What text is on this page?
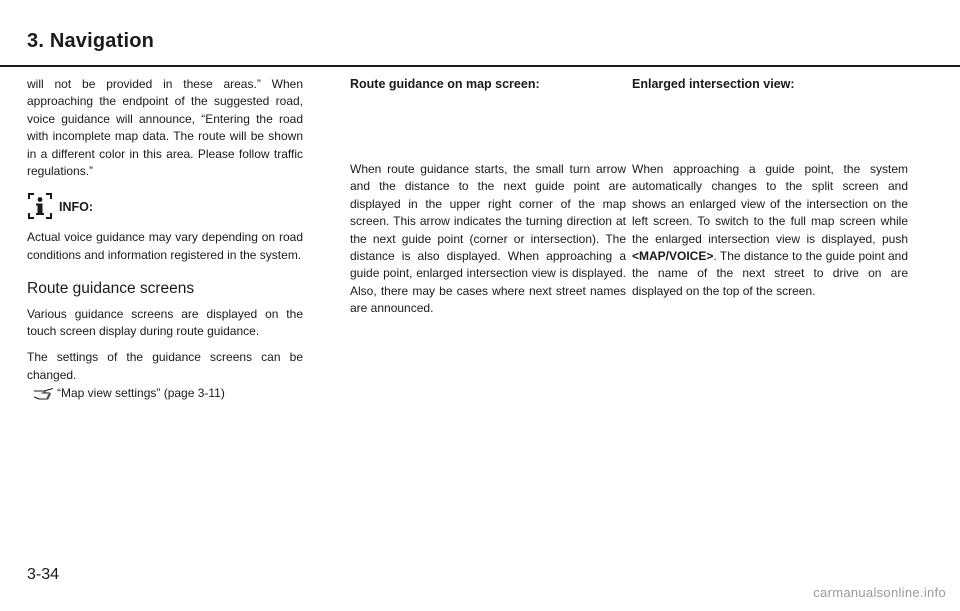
3. Navigation

will not be provided in these areas.” When approaching the endpoint of the suggested road, voice guidance will announce, “Entering the road with incomplete map data. The route will be shown in a different color in this area. Please follow traffic regulations.”

INFO:

Actual voice guidance may vary depending on road conditions and information registered in the system.

Route guidance screens

Various guidance screens are displayed on the touch screen display during route guidance.

The settings of the guidance screens can be changed.

“Map view settings” (page 3-11)
Route guidance on map screen:

When route guidance starts, the small turn arrow and the distance to the next guide point are displayed in the upper right corner of the map screen. This arrow indicates the turning direction at the next guide point (corner or intersection). The distance is also displayed. When approaching a guide point, enlarged intersection view is displayed. Also, there may be cases where next street names are announced.

Enlarged intersection view:

When approaching a guide point, the system automatically changes to the split screen and shows an enlarged view of the intersection on the left screen. To switch to the full map screen while the enlarged intersection view is displayed, push <MAP/VOICE>. The distance to the guide point and the name of the next street to drive on are displayed on the top of the screen.

3-34
carmanualsonline.info
